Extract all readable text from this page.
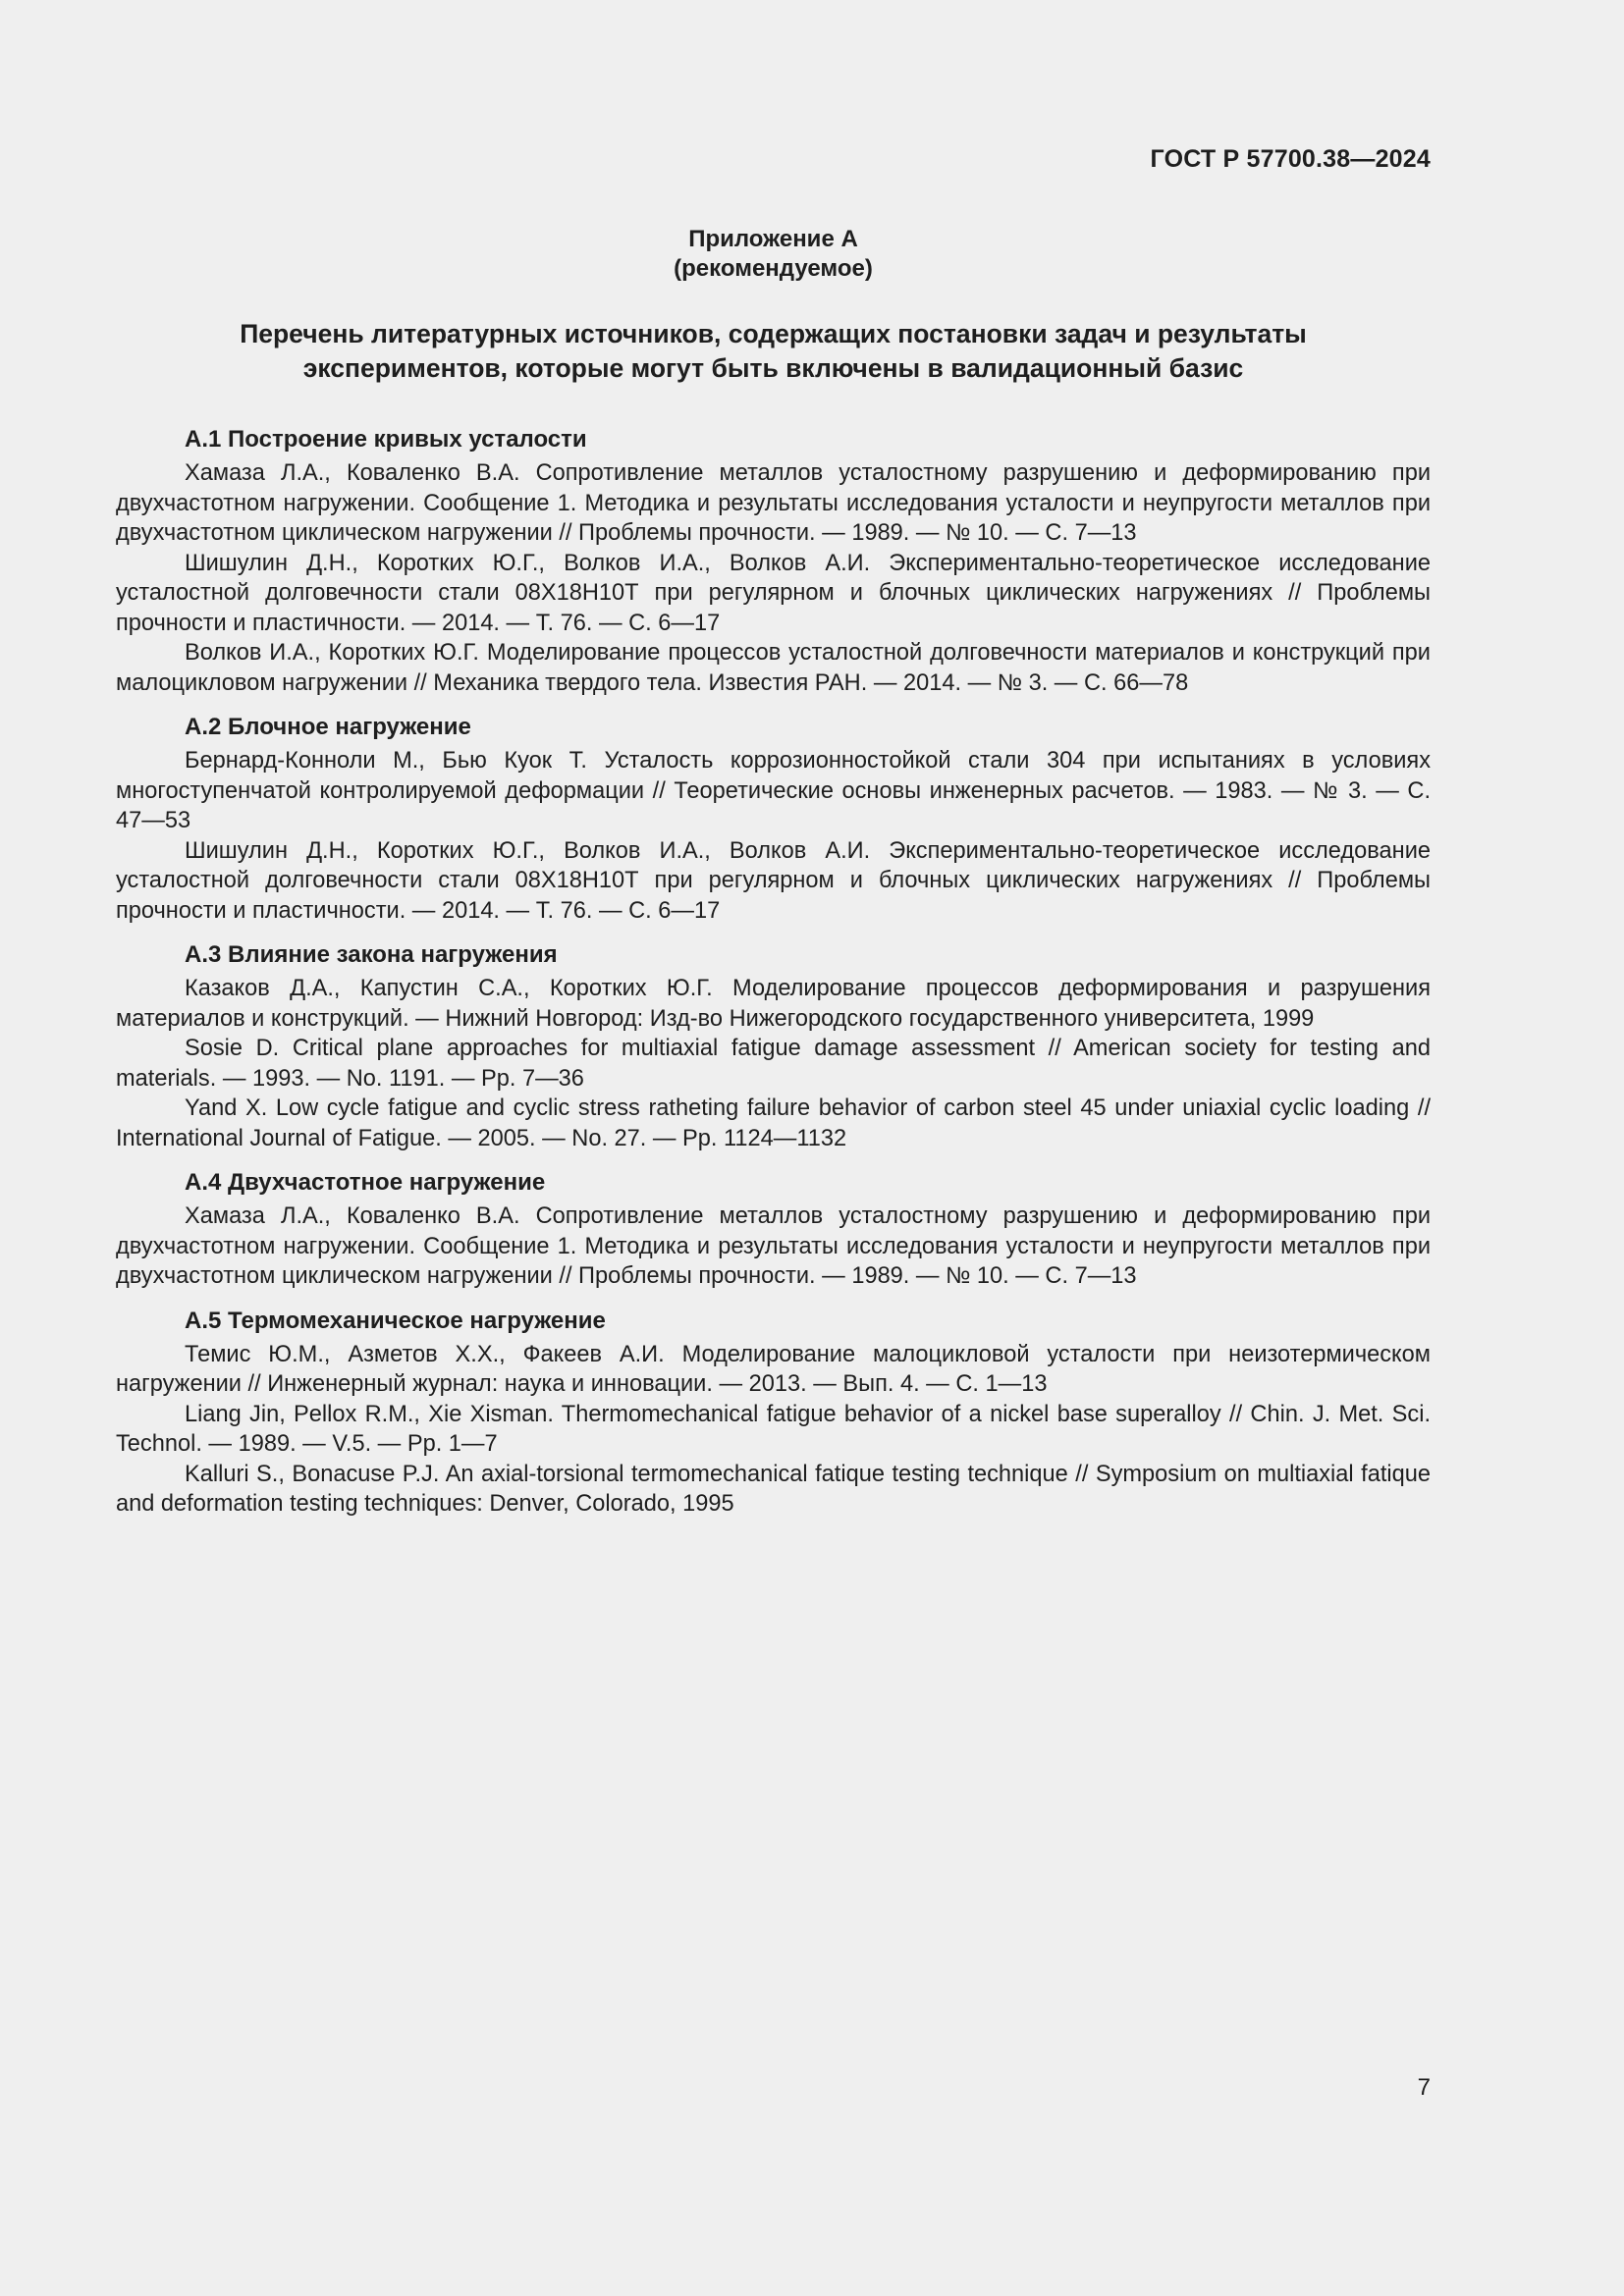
ГОСТ Р 57700.38—2024
Приложение А
(рекомендуемое)
Перечень литературных источников, содержащих постановки задач и результаты
экспериментов, которые могут быть включены в валидационный базис
А.1 Построение кривых усталости

Хамаза Л.А., Коваленко В.А. Сопротивление металлов усталостному разрушению и деформированию при двухчастотном нагружении. Сообщение 1. Методика и результаты исследования усталости и неупругости металлов при двухчастотном циклическом нагружении // Проблемы прочности. — 1989. — № 10. — С. 7—13

Шишулин Д.Н., Коротких Ю.Г., Волков И.А., Волков А.И. Экспериментально-теоретическое исследование усталостной долговечности стали 08Х18Н10Т при регулярном и блочных циклических нагружениях // Проблемы прочности и пластичности. — 2014. — Т. 76. — С. 6—17

Волков И.А., Коротких Ю.Г. Моделирование процессов усталостной долговечности материалов и конструкций при малоцикловом нагружении // Механика твердого тела. Известия РАН. — 2014. — № 3. — С. 66—78

А.2 Блочное нагружение

Бернард-Конноли М., Бью Куок Т. Усталость коррозионностойкой стали 304 при испытаниях в условиях многоступенчатой контролируемой деформации // Теоретические основы инженерных расчетов. — 1983. — № 3. — С. 47—53

Шишулин Д.Н., Коротких Ю.Г., Волков И.А., Волков А.И. Экспериментально-теоретическое исследование усталостной долговечности стали 08Х18Н10Т при регулярном и блочных циклических нагружениях // Проблемы прочности и пластичности. — 2014. — Т. 76. — С. 6—17

А.3 Влияние закона нагружения

Казаков Д.А., Капустин С.А., Коротких Ю.Г. Моделирование процессов деформирования и разрушения материалов и конструкций. — Нижний Новгород: Изд-во Нижегородского государственного университета, 1999

Sosie D. Critical plane approaches for multiaxial fatigue damage assessment // American society for testing and materials. — 1993. — No. 1191. — Pp. 7—36

Yand X. Low cycle fatigue and cyclic stress ratheting failure behavior of carbon steel 45 under uniaxial cyclic loading // International Journal of Fatigue. — 2005. — No. 27. — Pp. 1124—1132

А.4 Двухчастотное нагружение

Хамаза Л.А., Коваленко В.А. Сопротивление металлов усталостному разрушению и деформированию при двухчастотном нагружении. Сообщение 1. Методика и результаты исследования усталости и неупругости металлов при двухчастотном циклическом нагружении // Проблемы прочности. — 1989. — № 10. — С. 7—13

А.5 Термомеханическое нагружение

Темис Ю.М., Азметов Х.Х., Факеев А.И. Моделирование малоцикловой усталости при неизотермическом нагружении // Инженерный журнал: наука и инновации. — 2013. — Вып. 4. — С. 1—13

Liang Jin, Pellox R.M., Xie Xisman. Thermomechanical fatigue behavior of a nickel base superalloy // Chin. J. Met. Sci. Technol. — 1989. — V.5. — Pp. 1—7

Kalluri S., Bonacuse P.J. An axial-torsional termomechanical fatique testing technique // Symposium on multiaxial fatique and deformation testing techniques: Denver, Colorado, 1995

7
